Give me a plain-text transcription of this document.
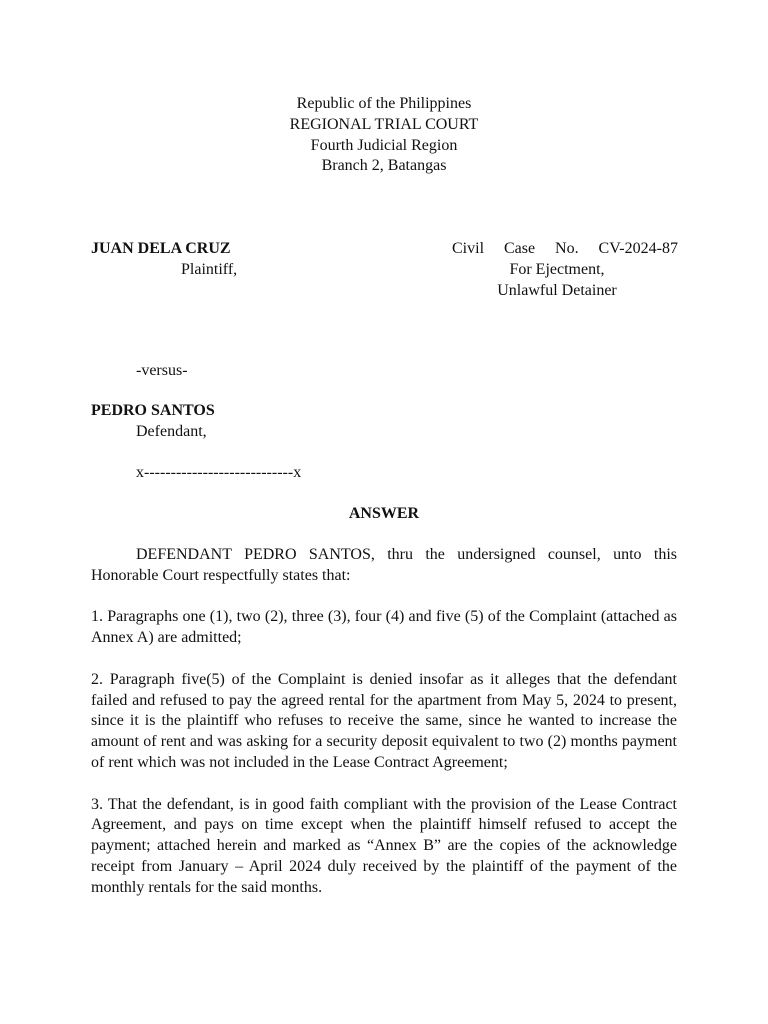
Republic of the Philippines
REGIONAL TRIAL COURT
Fourth Judicial Region
Branch 2, Batangas
JUAN DELA CRUZ
Plaintiff,
Civil Case No. CV-2024-87
For Ejectment,
Unlawful Detainer
-versus-
PEDRO SANTOS
Defendant,
x----------------------------x
ANSWER

DEFENDANT PEDRO SANTOS, thru the undersigned counsel, unto this Honorable Court respectfully states that:

1. Paragraphs one (1), two (2), three (3), four (4) and five (5) of the Complaint (attached as Annex A) are admitted;

2. Paragraph five(5) of the Complaint is denied insofar as it alleges that the defendant failed and refused to pay the agreed rental for the apartment from May 5, 2024 to present, since it is the plaintiff who refuses to receive the same, since he wanted to increase the amount of rent and was asking for a security deposit equivalent to two (2) months payment of rent which was not included in the Lease Contract Agreement;

3. That the defendant, is in good faith compliant with the provision of the Lease Contract Agreement, and pays on time except when the plaintiff himself refused to accept the payment; attached herein and marked as “Annex B” are the copies of the acknowledge receipt from January – April 2024 duly received by the plaintiff of the payment of the monthly rentals for the said months.
